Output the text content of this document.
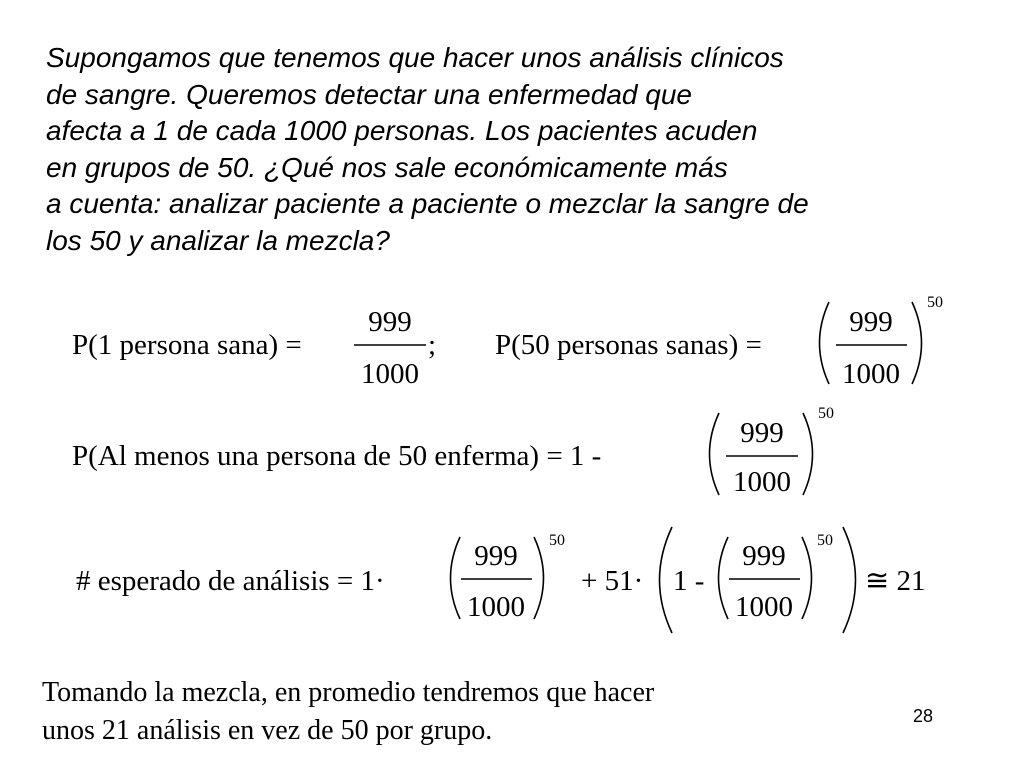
Supongamos que tenemos que hacer unos análisis clínicos
de sangre. Queremos detectar una enfermedad que
afecta a 1 de cada 1000 personas. Los pacientes acuden
en grupos de 50. ¿Qué nos sale económicamente más
a cuenta: analizar paciente a paciente o mezclar la sangre de
los 50 y analizar la mezcla?
P(1 persona sana) =
999
1000
; P(50 personas sanas) =
999
1000
50
P(Al menos una persona de 50 enferma) = 1 -
999
1000
50
# esperado de análisis = 1·
999
1000
50
+ 51· 1 -
999
1000
50
≅ 21
Tomando la mezcla, en promedio tendremos que hacer
unos 21 análisis en vez de 50 por grupo.	28
